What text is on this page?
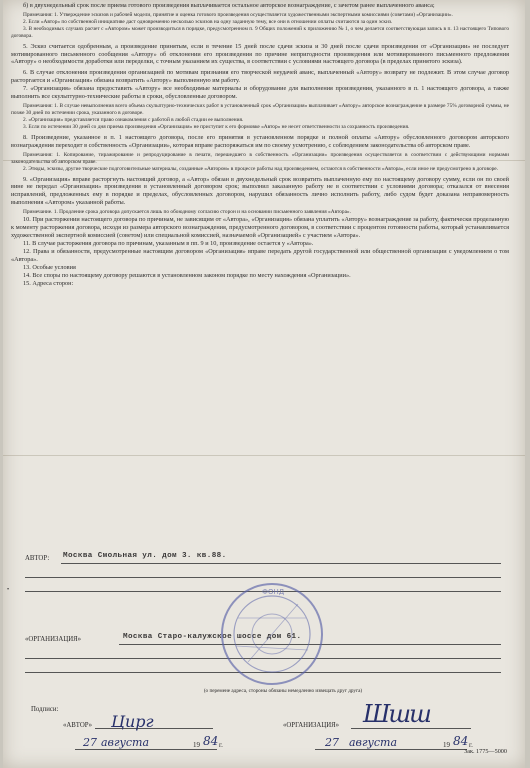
б) в двухнедельный срок после приема готового произведения выплачивается остальное авторское вознаграждение, с зачетом ранее выплаченного аванса;

Примечания: 1. Утверждение эскизов и рабочей модели, принятие и оценка готового произведения осуществляется художественными экспертными комиссиями (советами) «Организации».

2. Если «Автор» по собственной инициативе даст одновременно несколько эскизов на одну заданную тему, все они в отношении оплаты считаются за один эскиз.

3. В необходимых случаях расчет с «Автором» может производиться в порядке, предусмотренном п. 9 Общих положений к приложению № 1, о чем делается соответствующая запись в п. 13 настоящего Типового договора.

5. Эскиз считается одобренным, а произведение принятым, если в течение 15 дней после сдачи эскиза и 30 дней после сдачи произведения от «Организации» не последует мотивированного письменного сообщения «Автору» об отклонении его произведения по причине непригодности произведения или мотивированного письменного предложения «Автору» о необходимости доработки или переделки, с точным указанием их существа, в соответствии с условиями настоящего договора (в пределах принятого эскиза).

6. В случае отклонения произведения организацией по мотивам признания его творческой неудачей аванс, выплаченный «Автору» возврату не подлежит. В этом случае договор расторгается и «Организация» обязана возвратить «Автору» выполненную им работу.

7. «Организация» обязана предоставить «Автору» все необходимые материалы и оборудование для выполнения произведения, указанного в п. 1 настоящего договора, а также выполнить все скульптурно-технические работы в сроки, обусловленные договором.

Примечания: 1. В случае невыполнения всего объема скульптурно-технических работ в установленный срок «Организация» выплачивает «Автору» авторское вознаграждение в размере 75% договорной суммы, не позже 30 дней по истечении срока, указанного в договоре.

2. «Организация» представляется право ознакомления с работой в любой стадии ее выполнения.

3. Если по истечении 30 дней со дня приема произведения «Организация» не приступит к его формовке «Автор» не несет ответственности за сохранность произведения.

8. Произведение, указанное в п. 1 настоящего договора, после его принятия в установленном порядке и полной оплаты «Автору» обусловленного договором авторского вознаграждения переходит в собственность «Организации», которая вправе распоряжаться им по своему усмотрению, с соблюдением законодательства об авторском праве.

Примечания: 1. Копирование, тиражирование и репродуцирование в печати, перешедшего в собственность «Организации» произведения осуществляется в соответствии с действующими нормами законодательства об авторском праве.

2. Этюды, эскизы, другие творческие подготовительные материалы, созданные «Автором» в процессе работы над произведением, остаются в собственности «Автора», если иное не предусмотрено в договоре.

9. «Организация» вправе расторгнуть настоящий договор, а «Автор» обязан в двухнедельный срок возвратить выплаченную ему по настоящему договору сумму, если он по своей вине не передал «Организации» произведения в установленный договором срок; выполнил заказанную работу не в соответствии с условиями договора; отказался от внесения исправлений, предложенных ему в порядке и пределах, обусловленных договором, нарушил обязанность лично исполнить работу, либо судом будет доказана неправомерность выполнения «Автором» указанной работы.

Примечание. 1. Продление срока договора допускается лишь по обоюдному согласию сторон и на основании письменного заявления «Автора».

10. При расторжении настоящего договора по причинам, не зависящим от «Автора», «Организация» обязана уплатить «Автору» вознаграждение за работу, фактически проделанную к моменту расторжения договора, исходя из размера авторского вознаграждения, предусмотренного договором, в соответствии с процентом готовности работы, который устанавливается художественной экспертной комиссией (советом) или специальной комиссией, назначаемой «Организацией» с участием «Автора».

11. В случае расторжения договора по причинам, указанным в пп. 9 и 10, произведение остается у «Автора».

12. Права и обязанности, предусмотренные настоящим договором «Организация» вправе передать другой государственной или общественной организации с уведомлением о том «Автора».

13. Особые условия

14. Все споры по настоящему договору решаются в установленном законом порядке по месту нахождения «Организации».

15. Адреса сторон:

АВТОР: Москва Смольная ул. дом 3. кв.88.
•
«ОРГАНИЗАЦИЯ»	Москва Старо-калужское шоссе дом 61.
(о перемене адреса, стороны обязаны немедленно извещать друг друга)
Подписи:
«АВТОР» Цирг	«ОРГАНИЗАЦИЯ» Шшш
27 августа	19 84 г.	27 августа	19 84 г.
ФОНД
Зак. 1775—5000
